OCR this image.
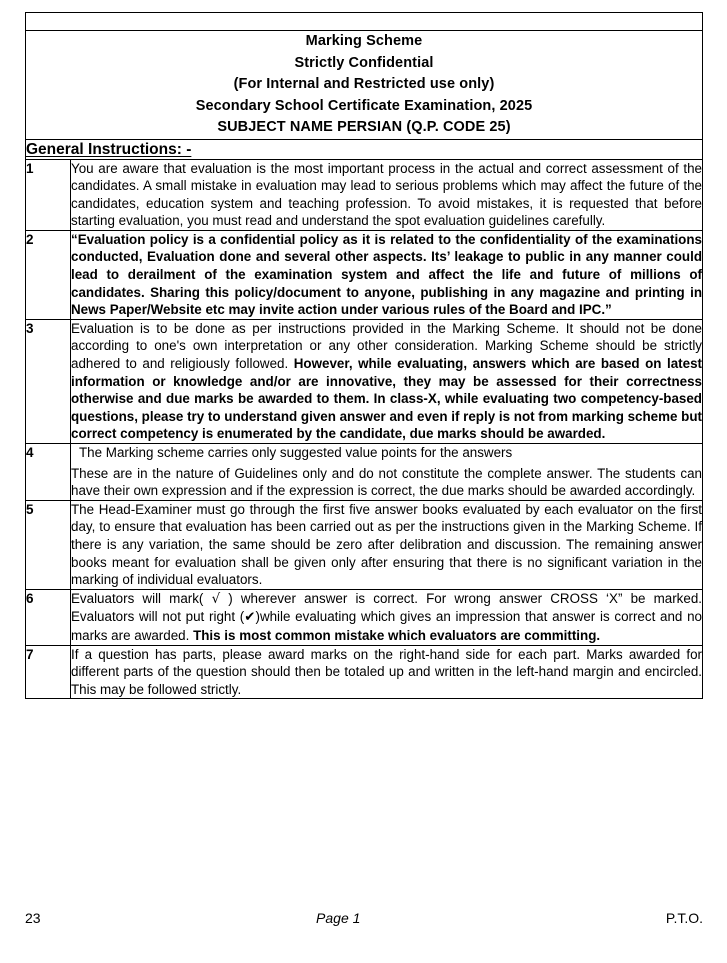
Marking Scheme
Strictly Confidential
(For Internal and Restricted use only)
Secondary School Certificate Examination, 2025
SUBJECT NAME PERSIAN (Q.P. CODE 25)	

General Instructions: -	
1	You are aware that evaluation is the most important process in the actual and correct assessment of the candidates. A small mistake in evaluation may lead to serious problems which may affect the future of the candidates, education system and teaching profession. To avoid mistakes, it is requested that before starting evaluation, you must read and understand the spot evaluation guidelines carefully.

2	“Evaluation policy is a confidential policy as it is related to the confidentiality of the examinations conducted, Evaluation done and several other aspects. Its’ leakage to public in any manner could lead to derailment of the examination system and affect the life and future of millions of candidates. Sharing this policy/document to anyone, publishing in any magazine and printing in News Paper/Website etc may invite action under various rules of the Board and IPC.”

3	Evaluation is to be done as per instructions provided in the Marking Scheme. It should not be done according to one's own interpretation or any other consideration. Marking Scheme should be strictly adhered to and religiously followed. However, while evaluating, answers which are based on latest information or knowledge and/or are innovative, they may be assessed for their correctness otherwise and due marks be awarded to them. In class-X, while evaluating two competency-based questions, please try to understand given answer and even if reply is not from marking scheme but correct competency is enumerated by the candidate, due marks should be awarded.

4	The Marking scheme carries only suggested value points for the answers

These are in the nature of Guidelines only and do not constitute the complete answer. The students can have their own expression and if the expression is correct, the due marks should be awarded accordingly.

5	The Head-Examiner must go through the first five answer books evaluated by each evaluator on the first day, to ensure that evaluation has been carried out as per the instructions given in the Marking Scheme. If there is any variation, the same should be zero after delibration and discussion. The remaining answer books meant for evaluation shall be given only after ensuring that there is no significant variation in the marking of individual evaluators.

6	Evaluators will mark( √ ) wherever answer is correct. For wrong answer CROSS ‘X” be marked. Evaluators will not put right (✔)while evaluating which gives an impression that answer is correct and no marks are awarded. This is most common mistake which evaluators are committing.

7	If a question has parts, please award marks on the right-hand side for each part. Marks awarded for different parts of the question should then be totaled up and written in the left-hand margin and encircled. This may be followed strictly.

23	Page 1	P.T.O.
